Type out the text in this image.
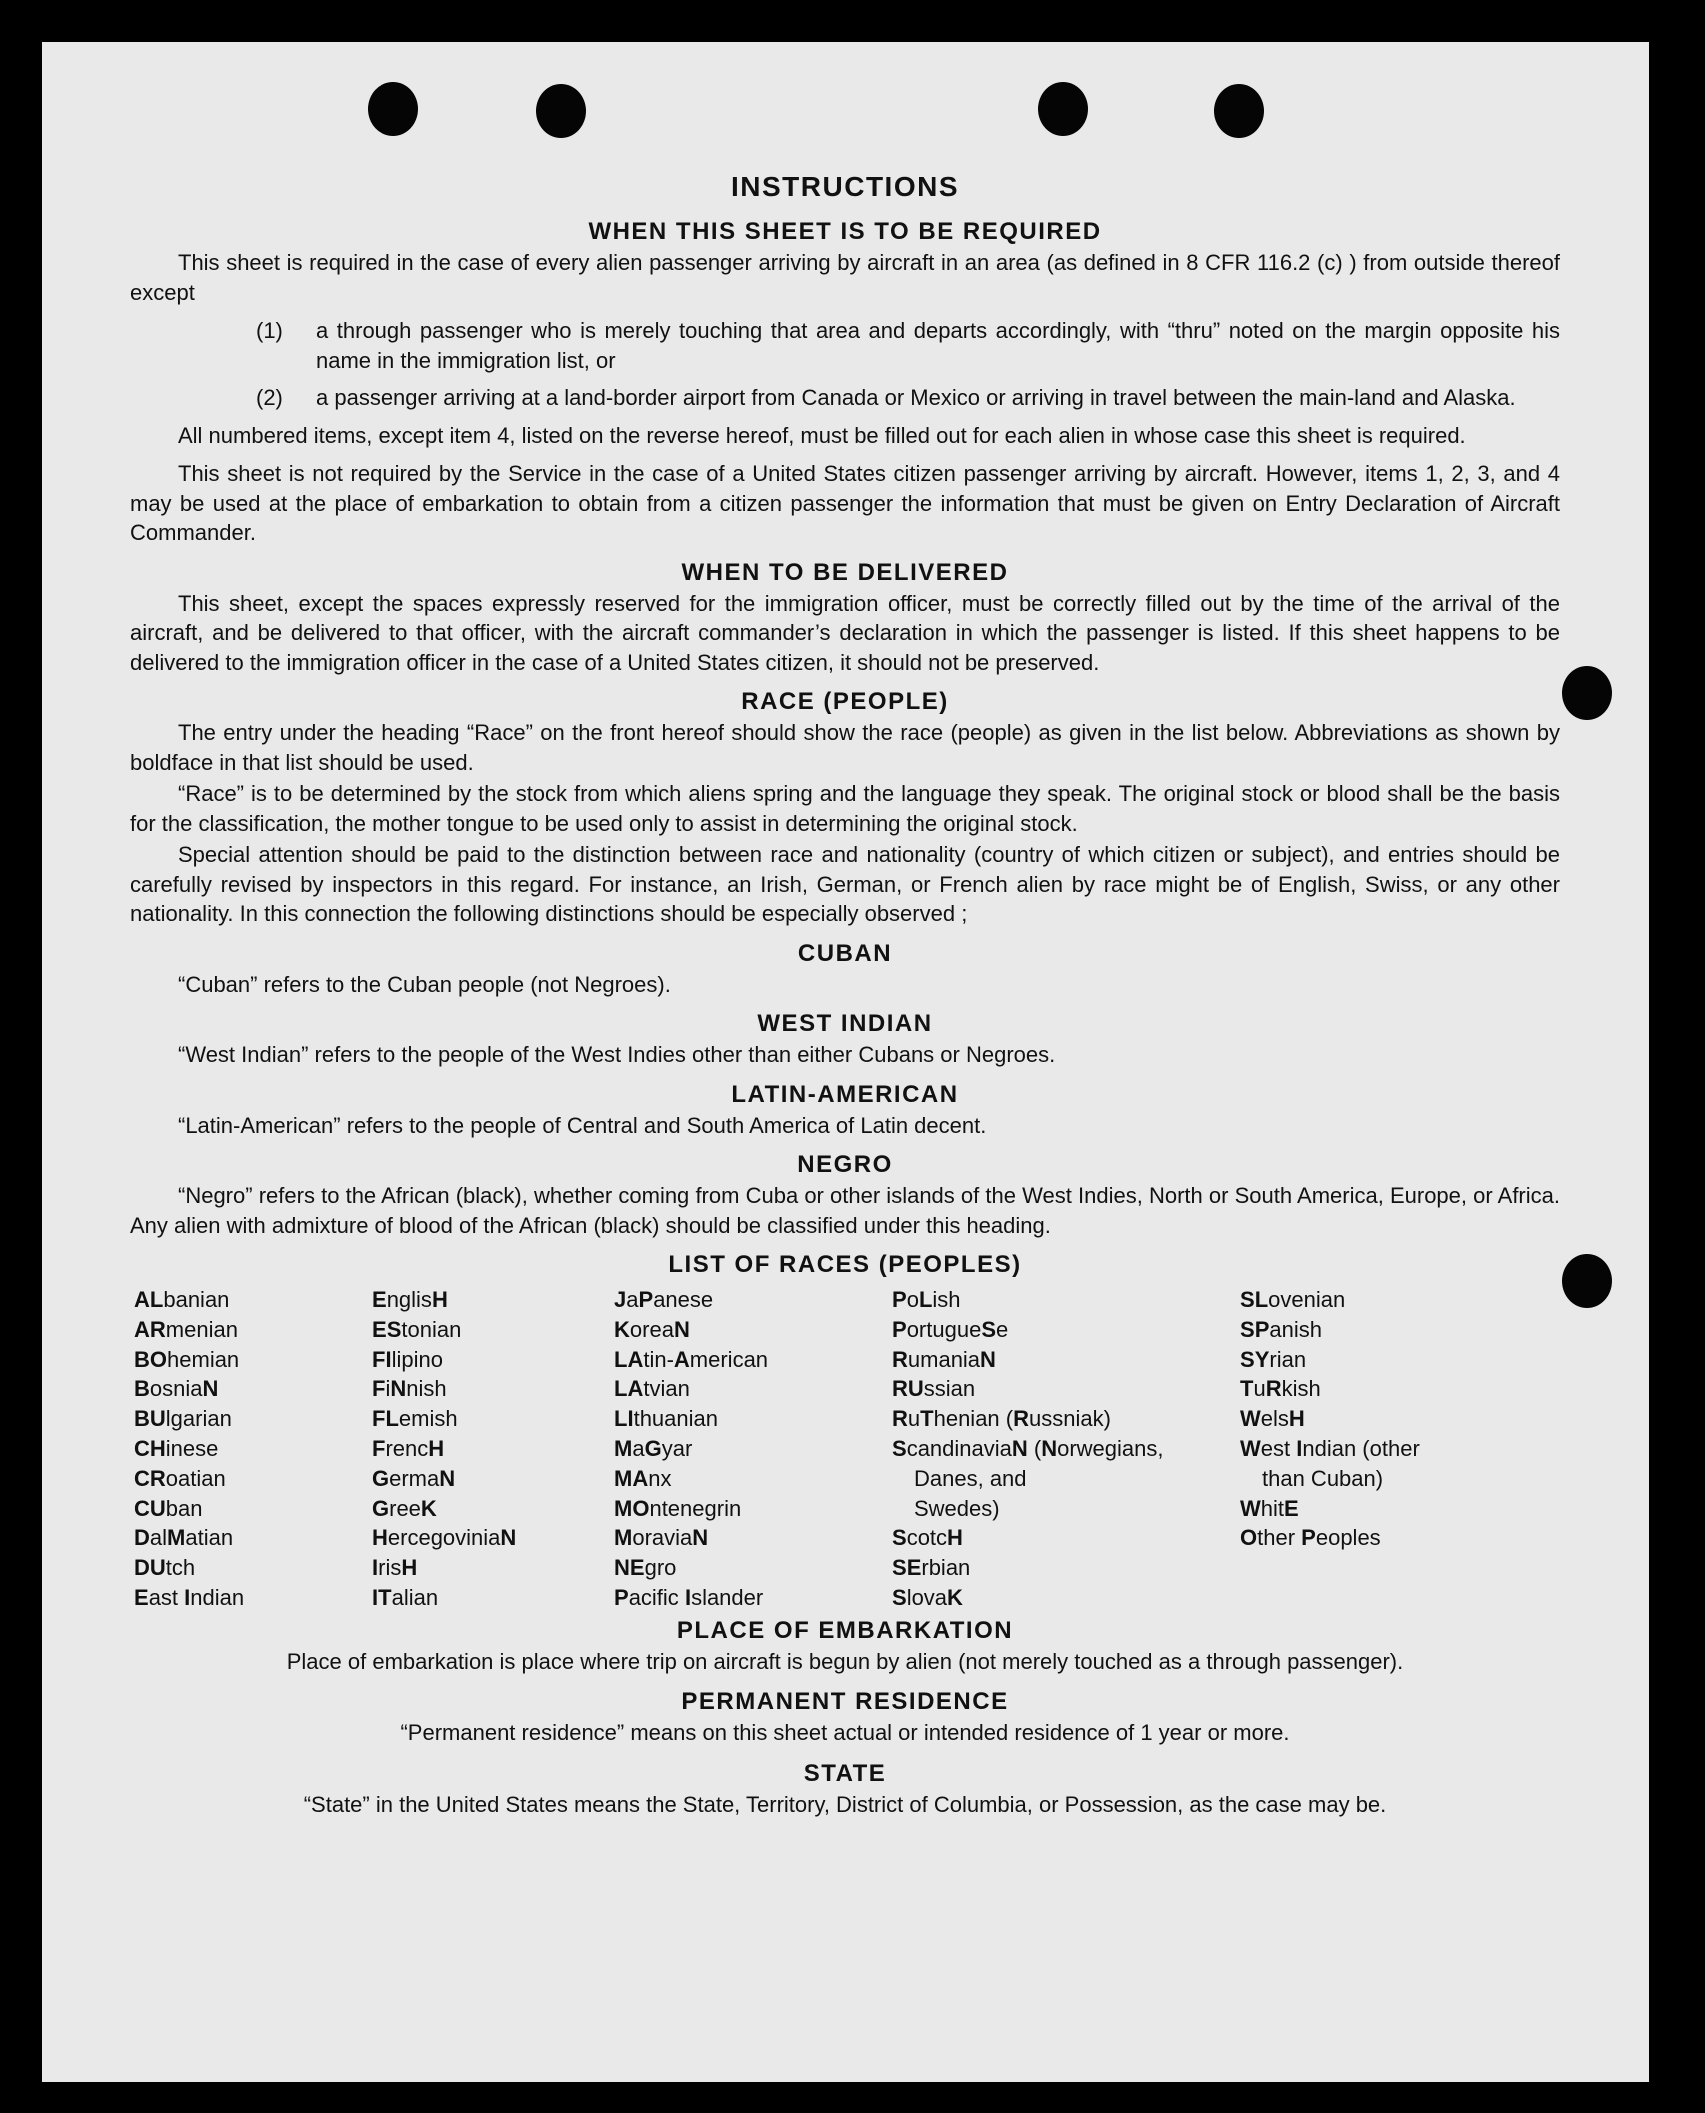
INSTRUCTIONS
WHEN THIS SHEET IS TO BE REQUIRED

This sheet is required in the case of every alien passenger arriving by aircraft in an area (as defined in 8 CFR 116.2 (c) ) from outside thereof except

(1)	a through passenger who is merely touching that area and departs accordingly, with “thru” noted on the margin opposite his name in the immigration list, or
(2)	a passenger arriving at a land-border airport from Canada or Mexico or arriving in travel between the main-land and Alaska.

All numbered items, except item 4, listed on the reverse hereof, must be filled out for each alien in whose case this sheet is required.

This sheet is not required by the Service in the case of a United States citizen passenger arriving by aircraft. However, items 1, 2, 3, and 4 may be used at the place of embarkation to obtain from a citizen passenger the information that must be given on Entry Declaration of Aircraft Commander.

WHEN TO BE DELIVERED

This sheet, except the spaces expressly reserved for the immigration officer, must be correctly filled out by the time of the arrival of the aircraft, and be delivered to that officer, with the aircraft commander’s declaration in which the passenger is listed. If this sheet happens to be delivered to the immigration officer in the case of a United States citizen, it should not be preserved.

RACE (PEOPLE)

The entry under the heading “Race” on the front hereof should show the race (people) as given in the list below. Abbreviations as shown by boldface in that list should be used.

“Race” is to be determined by the stock from which aliens spring and the language they speak. The original stock or blood shall be the basis for the classification, the mother tongue to be used only to assist in determining the original stock.

Special attention should be paid to the distinction between race and nationality (country of which citizen or subject), and entries should be carefully revised by inspectors in this regard. For instance, an Irish, German, or French alien by race might be of English, Swiss, or any other nationality. In this connection the following distinctions should be especially observed ;

CUBAN

“Cuban” refers to the Cuban people (not Negroes).

WEST INDIAN

“West Indian” refers to the people of the West Indies other than either Cubans or Negroes.

LATIN-AMERICAN

“Latin-American” refers to the people of Central and South America of Latin decent.

NEGRO

“Negro” refers to the African (black), whether coming from Cuba or other islands of the West Indies, North or South America, Europe, or Africa. Any alien with admixture of blood of the African (black) should be classified under this heading.

LIST OF RACES (PEOPLES)
ALbanian
ARmenian
BOhemian
BosniaN
BUlgarian
CHinese
CRoatian
CUban
DalMatian
DUtch
East Indian
EnglisH
EStonian
FIlipino
FiNnish
FLemish
FrencH
GermaN
GreeK
HercegoviniaN
IrisH
ITalian
JaPanese
KoreaN
LAtin-American
LAtvian
LIthuanian
MaGyar
MAnx
MOntenegrin
MoraviaN
NEgro
Pacific Islander
PoLish
PortugueSe
RumaniaN
RUssian
RuThenian (Russniak)
ScandinaviaN (Norwegians,
Danes, and
Swedes)
ScotcH
SErbian
SlovaK
SLovenian
SPanish
SYrian
TuRkish
WelsH
West Indian (other
than Cuban)
WhitE
Other Peoples
PLACE OF EMBARKATION

Place of embarkation is place where trip on aircraft is begun by alien (not merely touched as a through passenger).

PERMANENT RESIDENCE

“Permanent residence” means on this sheet actual or intended residence of 1 year or more.

STATE

“State” in the United States means the State, Territory, District of Columbia, or Possession, as the case may be.
